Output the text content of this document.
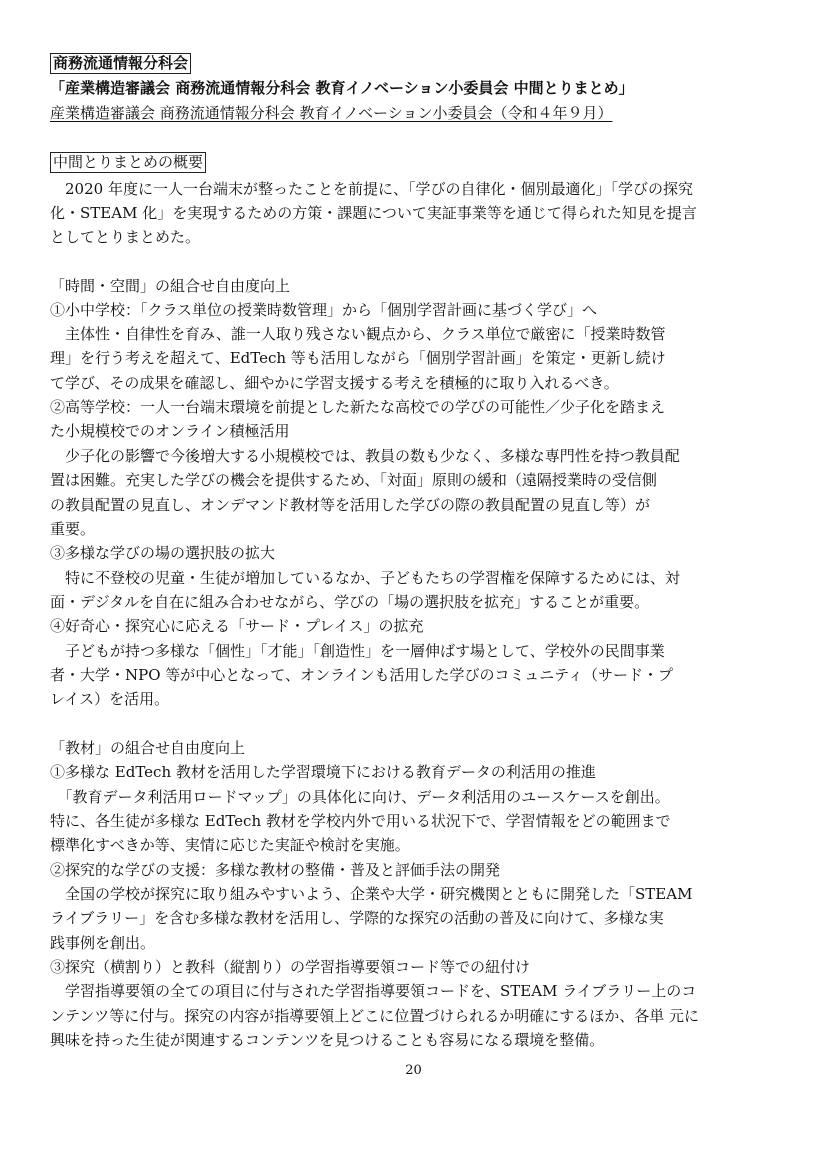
商務流通情報分科会
「産業構造審議会 商務流通情報分科会 教育イノベーション小委員会 中間とりまとめ」
産業構造審議会 商務流通情報分科会 教育イノベーション小委員会（令和４年９月）
中間とりまとめの概要
　2020 年度に一人一台端末が整ったことを前提に、「学びの自律化・個別最適化」「学びの探究
化・STEAM 化」を実現するための方策・課題について実証事業等を通じて得られた知見を提言
としてとりまとめた。
「時間・空間」の組合せ自由度向上
①小中学校：「クラス単位の授業時数管理」から「個別学習計画に基づく学び」へ
　主体性・自律性を育み、誰一人取り残さない観点から、クラス単位で厳密に「授業時数管
理」を行う考えを超えて、EdTech 等も活用しながら「個別学習計画」を策定・更新し続け
て学び、その成果を確認し、細やかに学習支援する考えを積極的に取り入れるべき。
②高等学校：一人一台端末環境を前提とした新たな高校での学びの可能性／少子化を踏まえ
た小規模校でのオンライン積極活用
　少子化の影響で今後増大する小規模校では、教員の数も少なく、多様な専門性を持つ教員配
置は困難。充実した学びの機会を提供するため、「対面」原則の緩和（遠隔授業時の受信側
の教員配置の見直し、オンデマンド教材等を活用した学びの際の教員配置の見直し等）が
重要。
③多様な学びの場の選択肢の拡大
　特に不登校の児童・生徒が増加しているなか、子どもたちの学習権を保障するためには、対
面・デジタルを自在に組み合わせながら、学びの「場の選択肢を拡充」することが重要。
④好奇心・探究心に応える「サード・プレイス」の拡充
　子どもが持つ多様な「個性」「才能」「創造性」を一層伸ばす場として、学校外の民間事業
者・大学・NPO 等が中心となって、オンラインも活用した学びのコミュニティ（サード・プ
レイス）を活用。
「教材」の組合せ自由度向上
①多様な EdTech 教材を活用した学習環境下における教育データの利活用の推進
　「教育データ利活用ロードマップ」の具体化に向け、データ利活用のユースケースを創出。
特に、各生徒が多様な EdTech 教材を学校内外で用いる状況下で、学習情報をどの範囲まで
標準化すべきか等、実情に応じた実証や検討を実施。
②探究的な学びの支援：多様な教材の整備・普及と評価手法の開発
　全国の学校が探究に取り組みやすいよう、企業や大学・研究機関とともに開発した「STEAM
ライブラリー」を含む多様な教材を活用し、学際的な探究の活動の普及に向けて、多様な実
践事例を創出。
③探究（横割り）と教科（縦割り）の学習指導要領コード等での紐付け
　学習指導要領の全ての項目に付与された学習指導要領コードを、STEAM ライブラリー上のコ
ンテンツ等に付与。探究の内容が指導要領上どこに位置づけられるか明確にするほか、各単 元に
興味を持った生徒が関連するコンテンツを見つけることも容易になる環境を整備。
20
